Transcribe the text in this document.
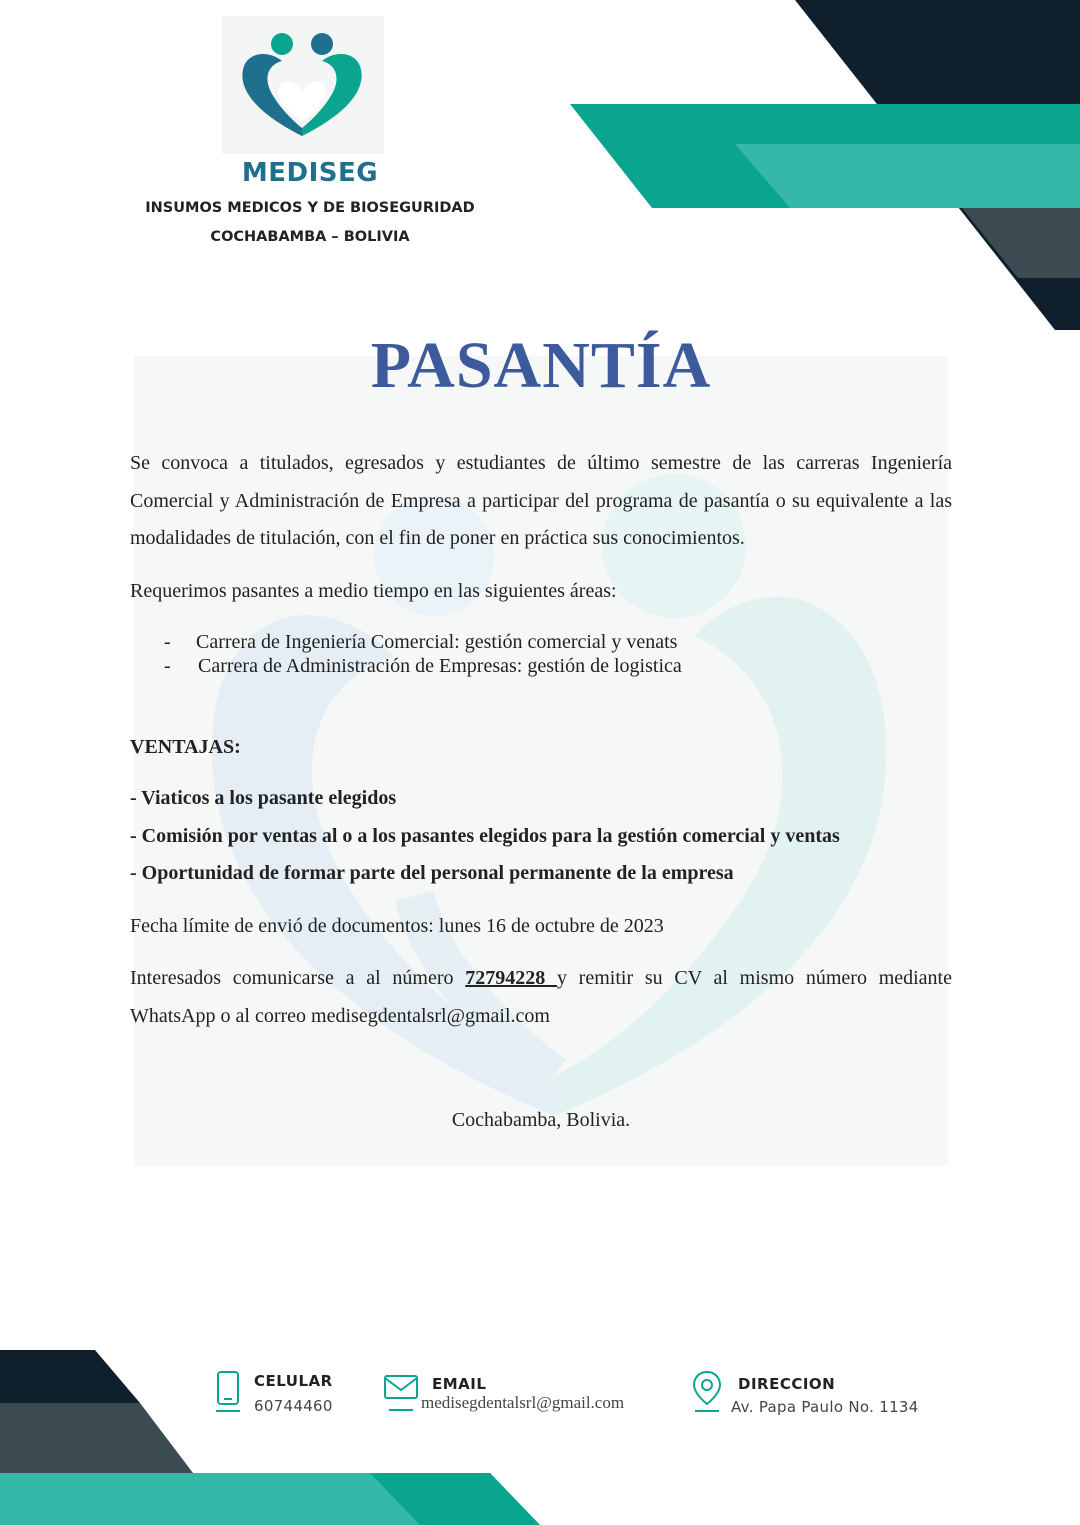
MEDISEG
INSUMOS MEDICOS Y DE BIOSEGURIDAD
COCHABAMBA – BOLIVIA
PASANTÍA
Se convoca a titulados, egresados y estudiantes de último semestre de las carreras Ingeniería Comercial y Administración de Empresa a participar del programa de pasantía o su equivalente a las modalidades de titulación, con el fin de poner en práctica sus conocimientos.
Requerimos pasantes a medio tiempo en las siguientes áreas:
- Carrera de Ingeniería Comercial: gestión comercial y venats
- Carrera de Administración de Empresas: gestión de logistica
VENTAJAS:
- Viaticos a los pasante elegidos
- Comisión por ventas al o a los pasantes elegidos para la gestión comercial y ventas
- Oportunidad de formar parte del personal permanente de la empresa
Fecha límite de envió de documentos: lunes 16 de octubre de 2023
Interesados comunicarse a al número 72794228 y remitir su CV al mismo número mediante WhatsApp o al correo medisegdentalsrl@gmail.com
Cochabamba, Bolivia.
CELULAR
60744460
EMAIL
medisegdentalsrl@gmail.com
DIRECCION
Av. Papa Paulo No. 1134
